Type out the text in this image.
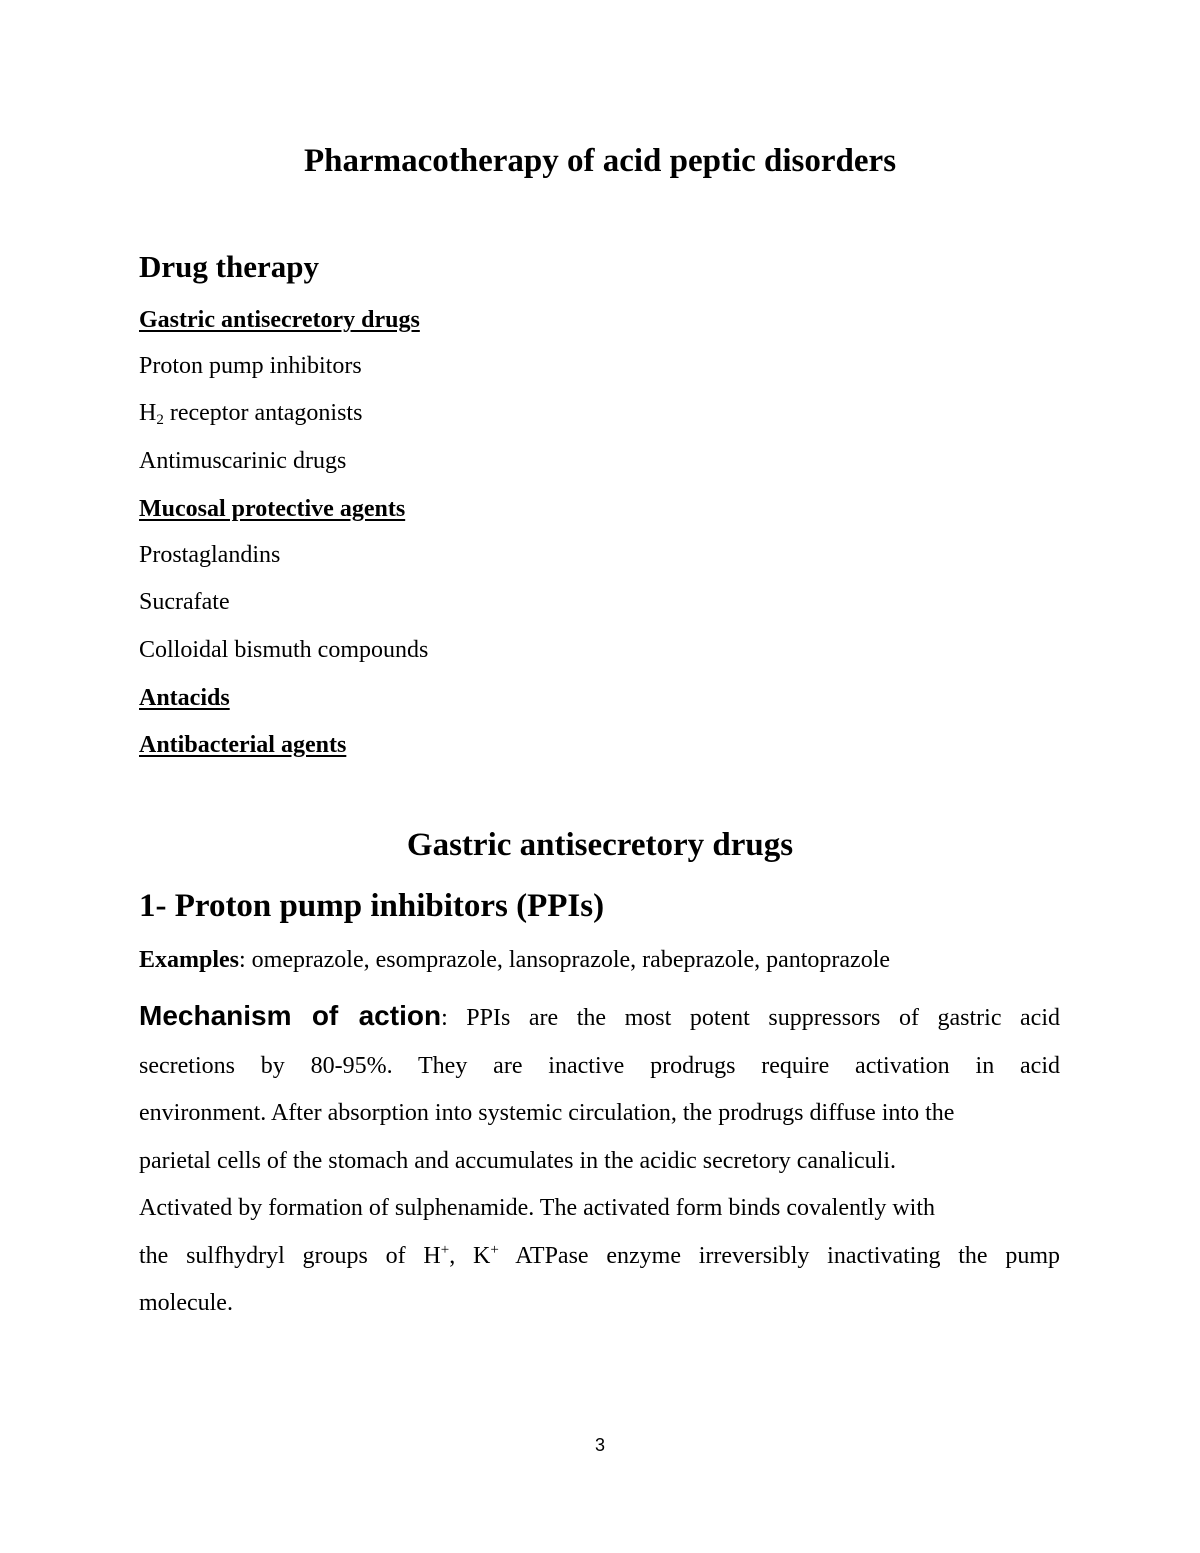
Pharmacotherapy of acid peptic disorders
Drug therapy
Gastric antisecretory drugs
Proton pump inhibitors
$H_2$ receptor antagonists
Antimuscarinic drugs
Mucosal protective agents
Prostaglandins
Sucrafate
Colloidal bismuth compounds
Antacids
Antibacterial agents
Gastric antisecretory drugs
1- Proton pump inhibitors (PPIs)
Examples: omeprazole, esomprazole, lansoprazole, rabeprazole, pantoprazole
Mechanism of action: PPIs are the most potent suppressors of gastric acid
secretions by 80-95%. They are inactive prodrugs require activation in acid
environment. After absorption into systemic circulation, the prodrugs diffuse into the
parietal cells of the stomach and accumulates in the acidic secretory canaliculi.
Activated by formation of sulphenamide. The activated form binds covalently with
the sulfhydryl groups of H+, K+ ATPase enzyme irreversibly inactivating the pump
molecule.
3
